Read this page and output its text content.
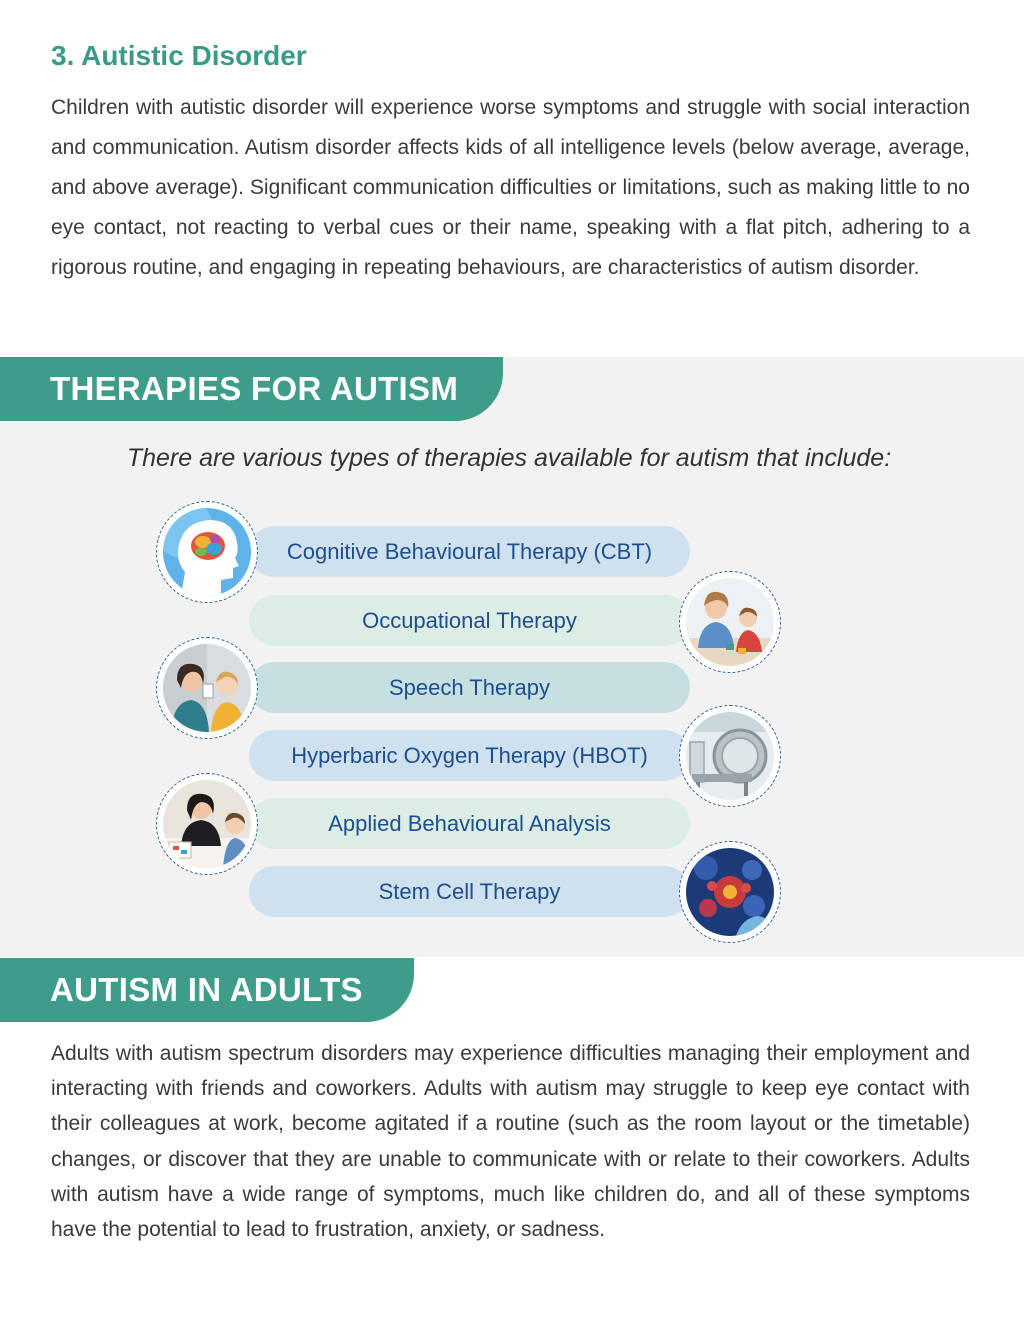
3. Autistic Disorder

Children with autistic disorder will experience worse symptoms and struggle with social interaction and communication. Autism disorder affects kids of all intelligence levels (below average, average, and above average). Significant communication difficulties or limitations, such as making little to no eye contact, not reacting to verbal cues or their name, speaking with a flat pitch, adhering to a rigorous routine, and engaging in repeating behaviours, are characteristics of autism disorder.

THERAPIES FOR AUTISM

There are various types of therapies available for autism that include:

Cognitive Behavioural Therapy (CBT)
Occupational Therapy
Speech Therapy
Hyperbaric Oxygen Therapy (HBOT)
Applied Behavioural Analysis
Stem Cell Therapy
AUTISM IN ADULTS

Adults with autism spectrum disorders may experience difficulties managing their employment and interacting with friends and coworkers. Adults with autism may struggle to keep eye contact with their colleagues at work, become agitated if a routine (such as the room layout or the timetable) changes, or discover that they are unable to communicate with or relate to their coworkers. Adults with autism have a wide range of symptoms, much like children do, and all of these symptoms have the potential to lead to frustration, anxiety, or sadness.
